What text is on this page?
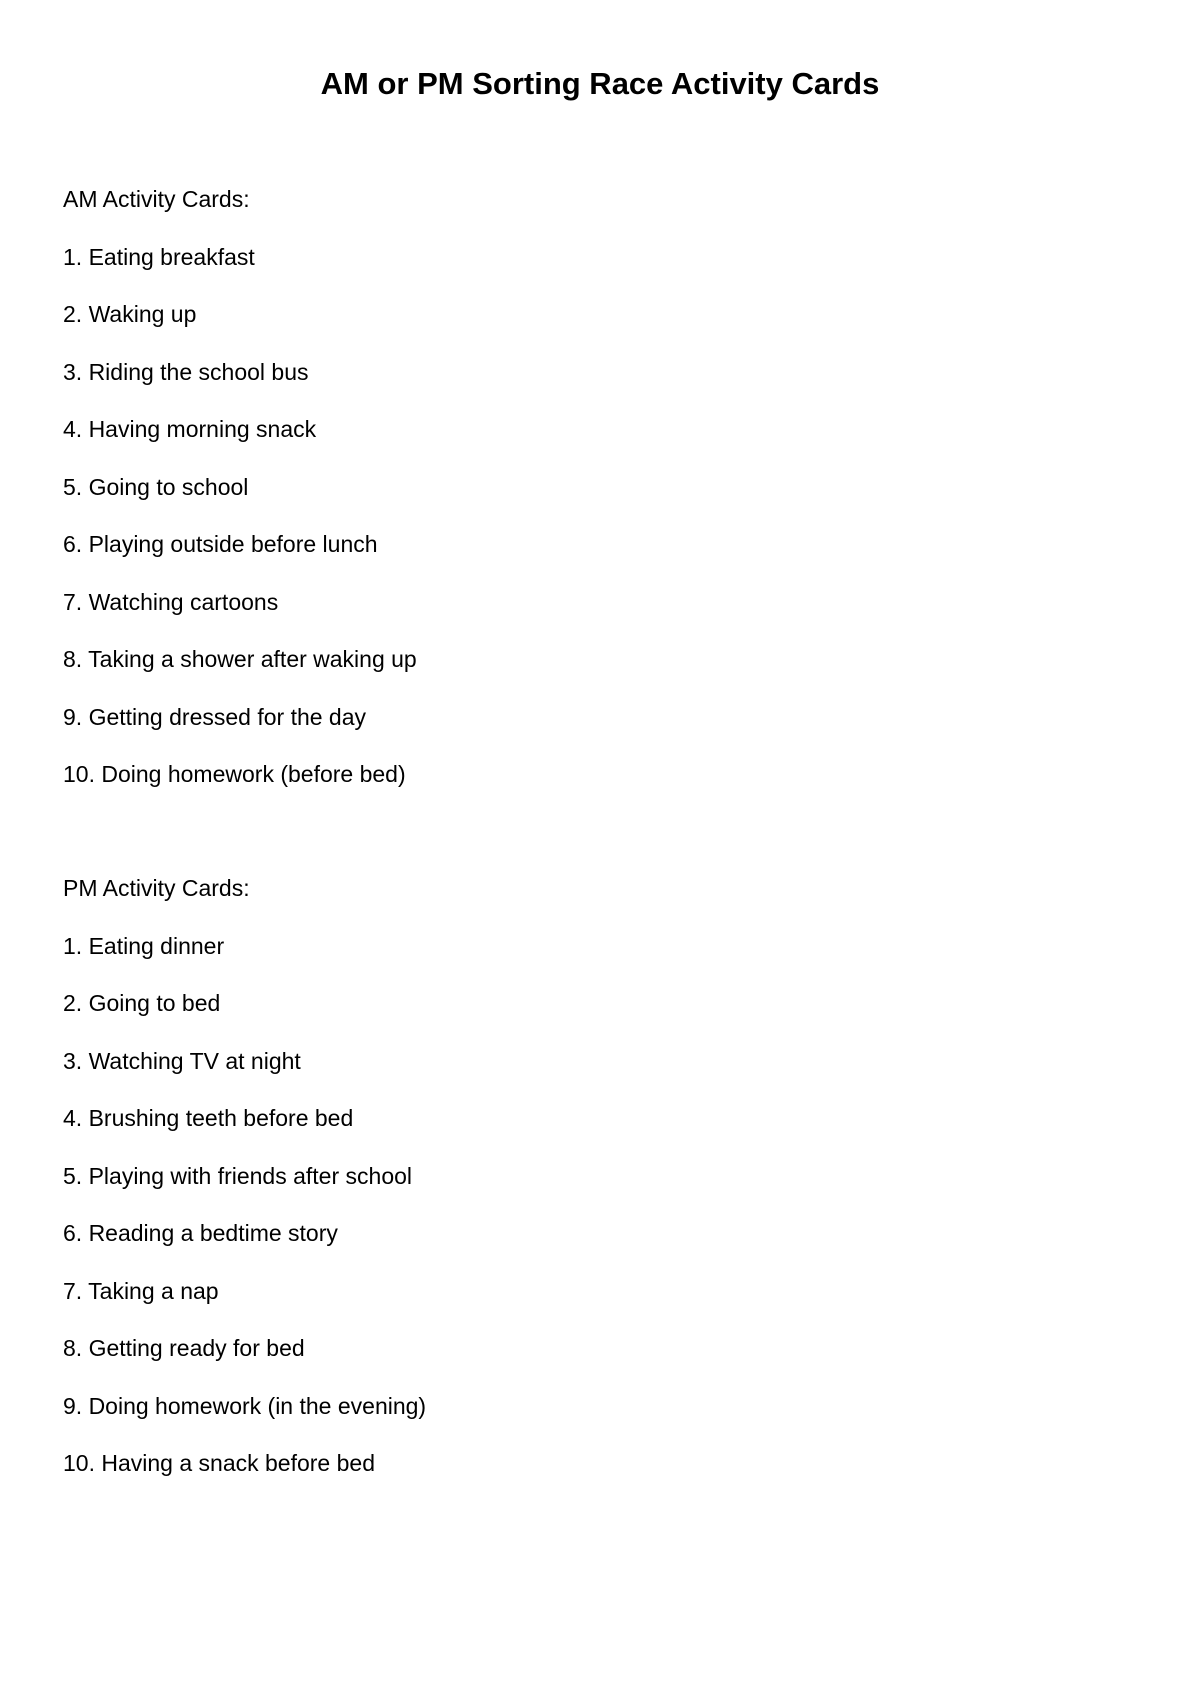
AM or PM Sorting Race Activity Cards

AM Activity Cards:

1. Eating breakfast
2. Waking up
3. Riding the school bus
4. Having morning snack
5. Going to school
6. Playing outside before lunch
7. Watching cartoons
8. Taking a shower after waking up
9. Getting dressed for the day
10. Doing homework (before bed)

PM Activity Cards:

1. Eating dinner
2. Going to bed
3. Watching TV at night
4. Brushing teeth before bed
5. Playing with friends after school
6. Reading a bedtime story
7. Taking a nap
8. Getting ready for bed
9. Doing homework (in the evening)
10. Having a snack before bed
